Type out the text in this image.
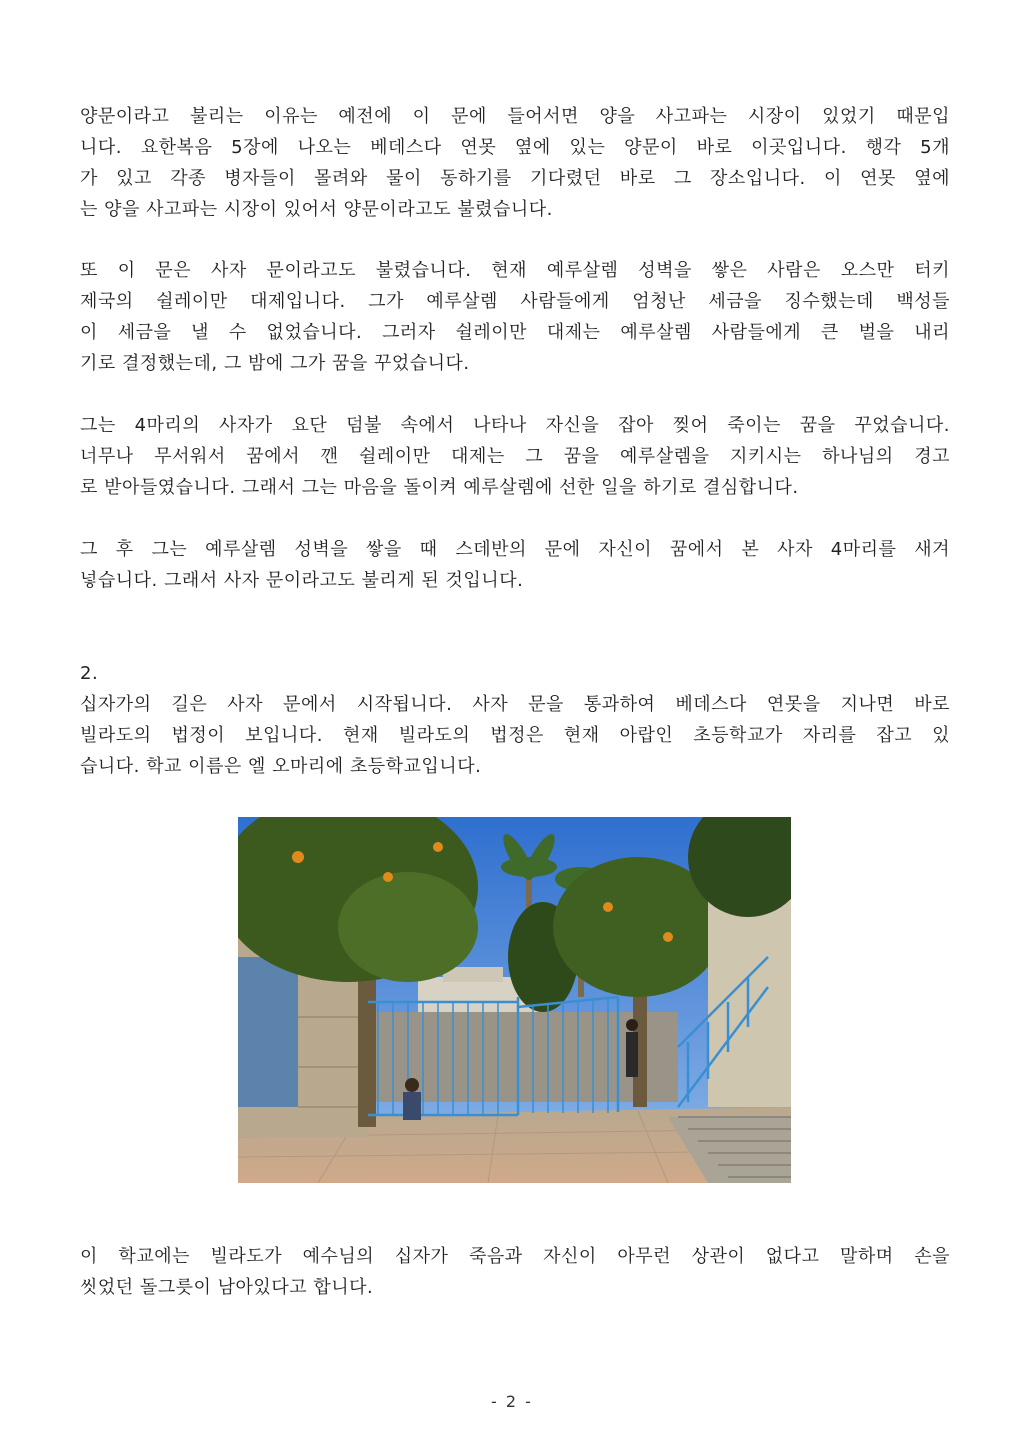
양문이라고 불리는 이유는 예전에 이 문에 들어서면 양을 사고파는 시장이 있었기 때문입
니다. 요한복음 5장에 나오는 베데스다 연못 옆에 있는 양문이 바로 이곳입니다. 행각 5개
가 있고 각종 병자들이 몰려와 물이 동하기를 기다렸던 바로 그 장소입니다. 이 연못 옆에
는 양을 사고파는 시장이 있어서 양문이라고도 불렸습니다.
또 이 문은 사자 문이라고도 불렸습니다. 현재 예루살렘 성벽을 쌓은 사람은 오스만 터키
제국의 쉴레이만 대제입니다. 그가 예루살렘 사람들에게 엄청난 세금을 징수했는데 백성들
이 세금을 낼 수 없었습니다. 그러자 쉴레이만 대제는 예루살렘 사람들에게 큰 벌을 내리
기로 결정했는데, 그 밤에 그가 꿈을 꾸었습니다.
그는 4마리의 사자가 요단 덤불 속에서 나타나 자신을 잡아 찢어 죽이는 꿈을 꾸었습니다.
너무나 무서워서 꿈에서 깬 쉴레이만 대제는 그 꿈을 예루살렘을 지키시는 하나님의 경고
로 받아들였습니다. 그래서 그는 마음을 돌이켜 예루살렘에 선한 일을 하기로 결심합니다.
그 후 그는 예루살렘 성벽을 쌓을 때 스데반의 문에 자신이 꿈에서 본 사자 4마리를 새겨
넣습니다. 그래서 사자 문이라고도 불리게 된 것입니다.
2.
십자가의 길은 사자 문에서 시작됩니다. 사자 문을 통과하여 베데스다 연못을 지나면 바로
빌라도의 법정이 보입니다. 현재 빌라도의 법정은 현재 아랍인 초등학교가 자리를 잡고 있
습니다. 학교 이름은 엘 오마리에 초등학교입니다.
이 학교에는 빌라도가 예수님의 십자가 죽음과 자신이 아무런 상관이 없다고 말하며 손을
씻었던 돌그릇이 남아있다고 합니다.
- 2 -
